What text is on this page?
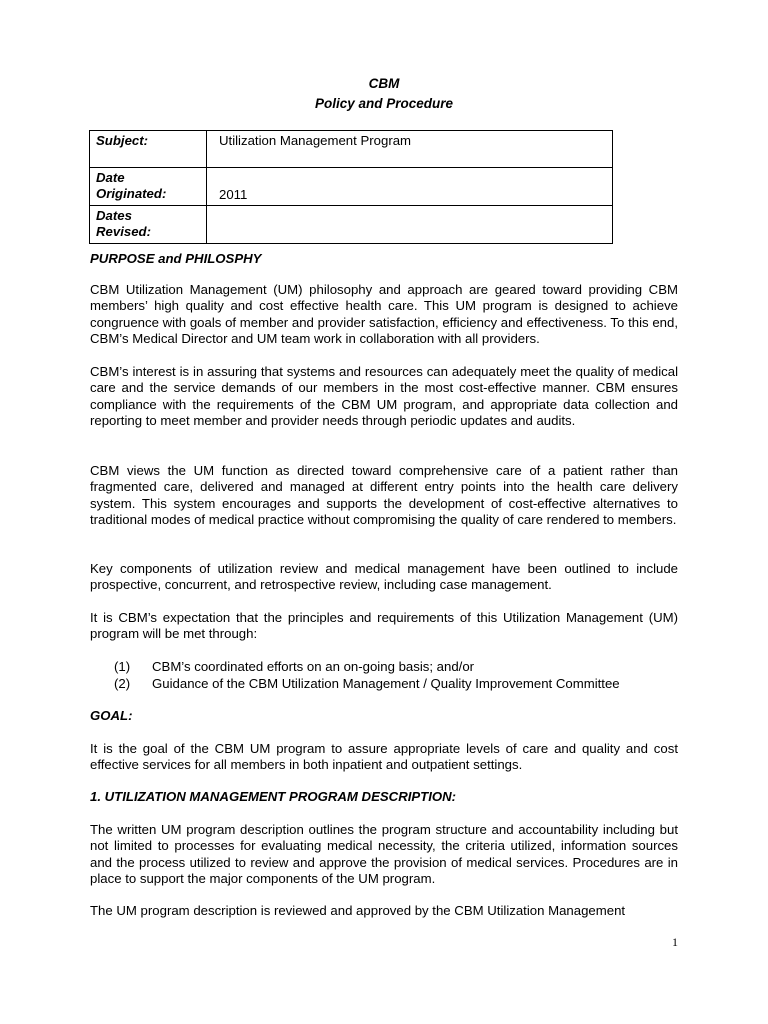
CBM
Policy and Procedure
Subject:	Utilization Management Program
Date
Originated:	2011
Dates
Revised:	
PURPOSE and PHILOSPHY

CBM Utilization Management (UM) philosophy and approach are geared toward providing CBM members’ high quality and cost effective health care. This UM program is designed to achieve congruence with goals of member and provider satisfaction, efficiency and effectiveness. To this end, CBM’s Medical Director and UM team work in collaboration with all providers.

CBM’s interest is in assuring that systems and resources can adequately meet the quality of medical care and the service demands of our members in the most cost-effective manner. CBM ensures compliance with the requirements of the CBM UM program, and appropriate data collection and reporting to meet member and provider needs through periodic updates and audits.

CBM views the UM function as directed toward comprehensive care of a patient rather than fragmented care, delivered and managed at different entry points into the health care delivery system. This system encourages and supports the development of cost-effective alternatives to traditional modes of medical practice without compromising the quality of care rendered to members.

Key components of utilization review and medical management have been outlined to include prospective, concurrent, and retrospective review, including case management.

It is CBM’s expectation that the principles and requirements of this Utilization Management (UM) program will be met through:

(1) CBM’s coordinated efforts on an on-going basis; and/or
(2) Guidance of the CBM Utilization Management / Quality Improvement Committee
GOAL:

It is the goal of the CBM UM program to assure appropriate levels of care and quality and cost effective services for all members in both inpatient and outpatient settings.

1. UTILIZATION MANAGEMENT PROGRAM DESCRIPTION:

The written UM program description outlines the program structure and accountability including but not limited to processes for evaluating medical necessity, the criteria utilized, information sources and the process utilized to review and approve the provision of medical services. Procedures are in place to support the major components of the UM program.

The UM program description is reviewed and approved by the CBM Utilization Management

1
